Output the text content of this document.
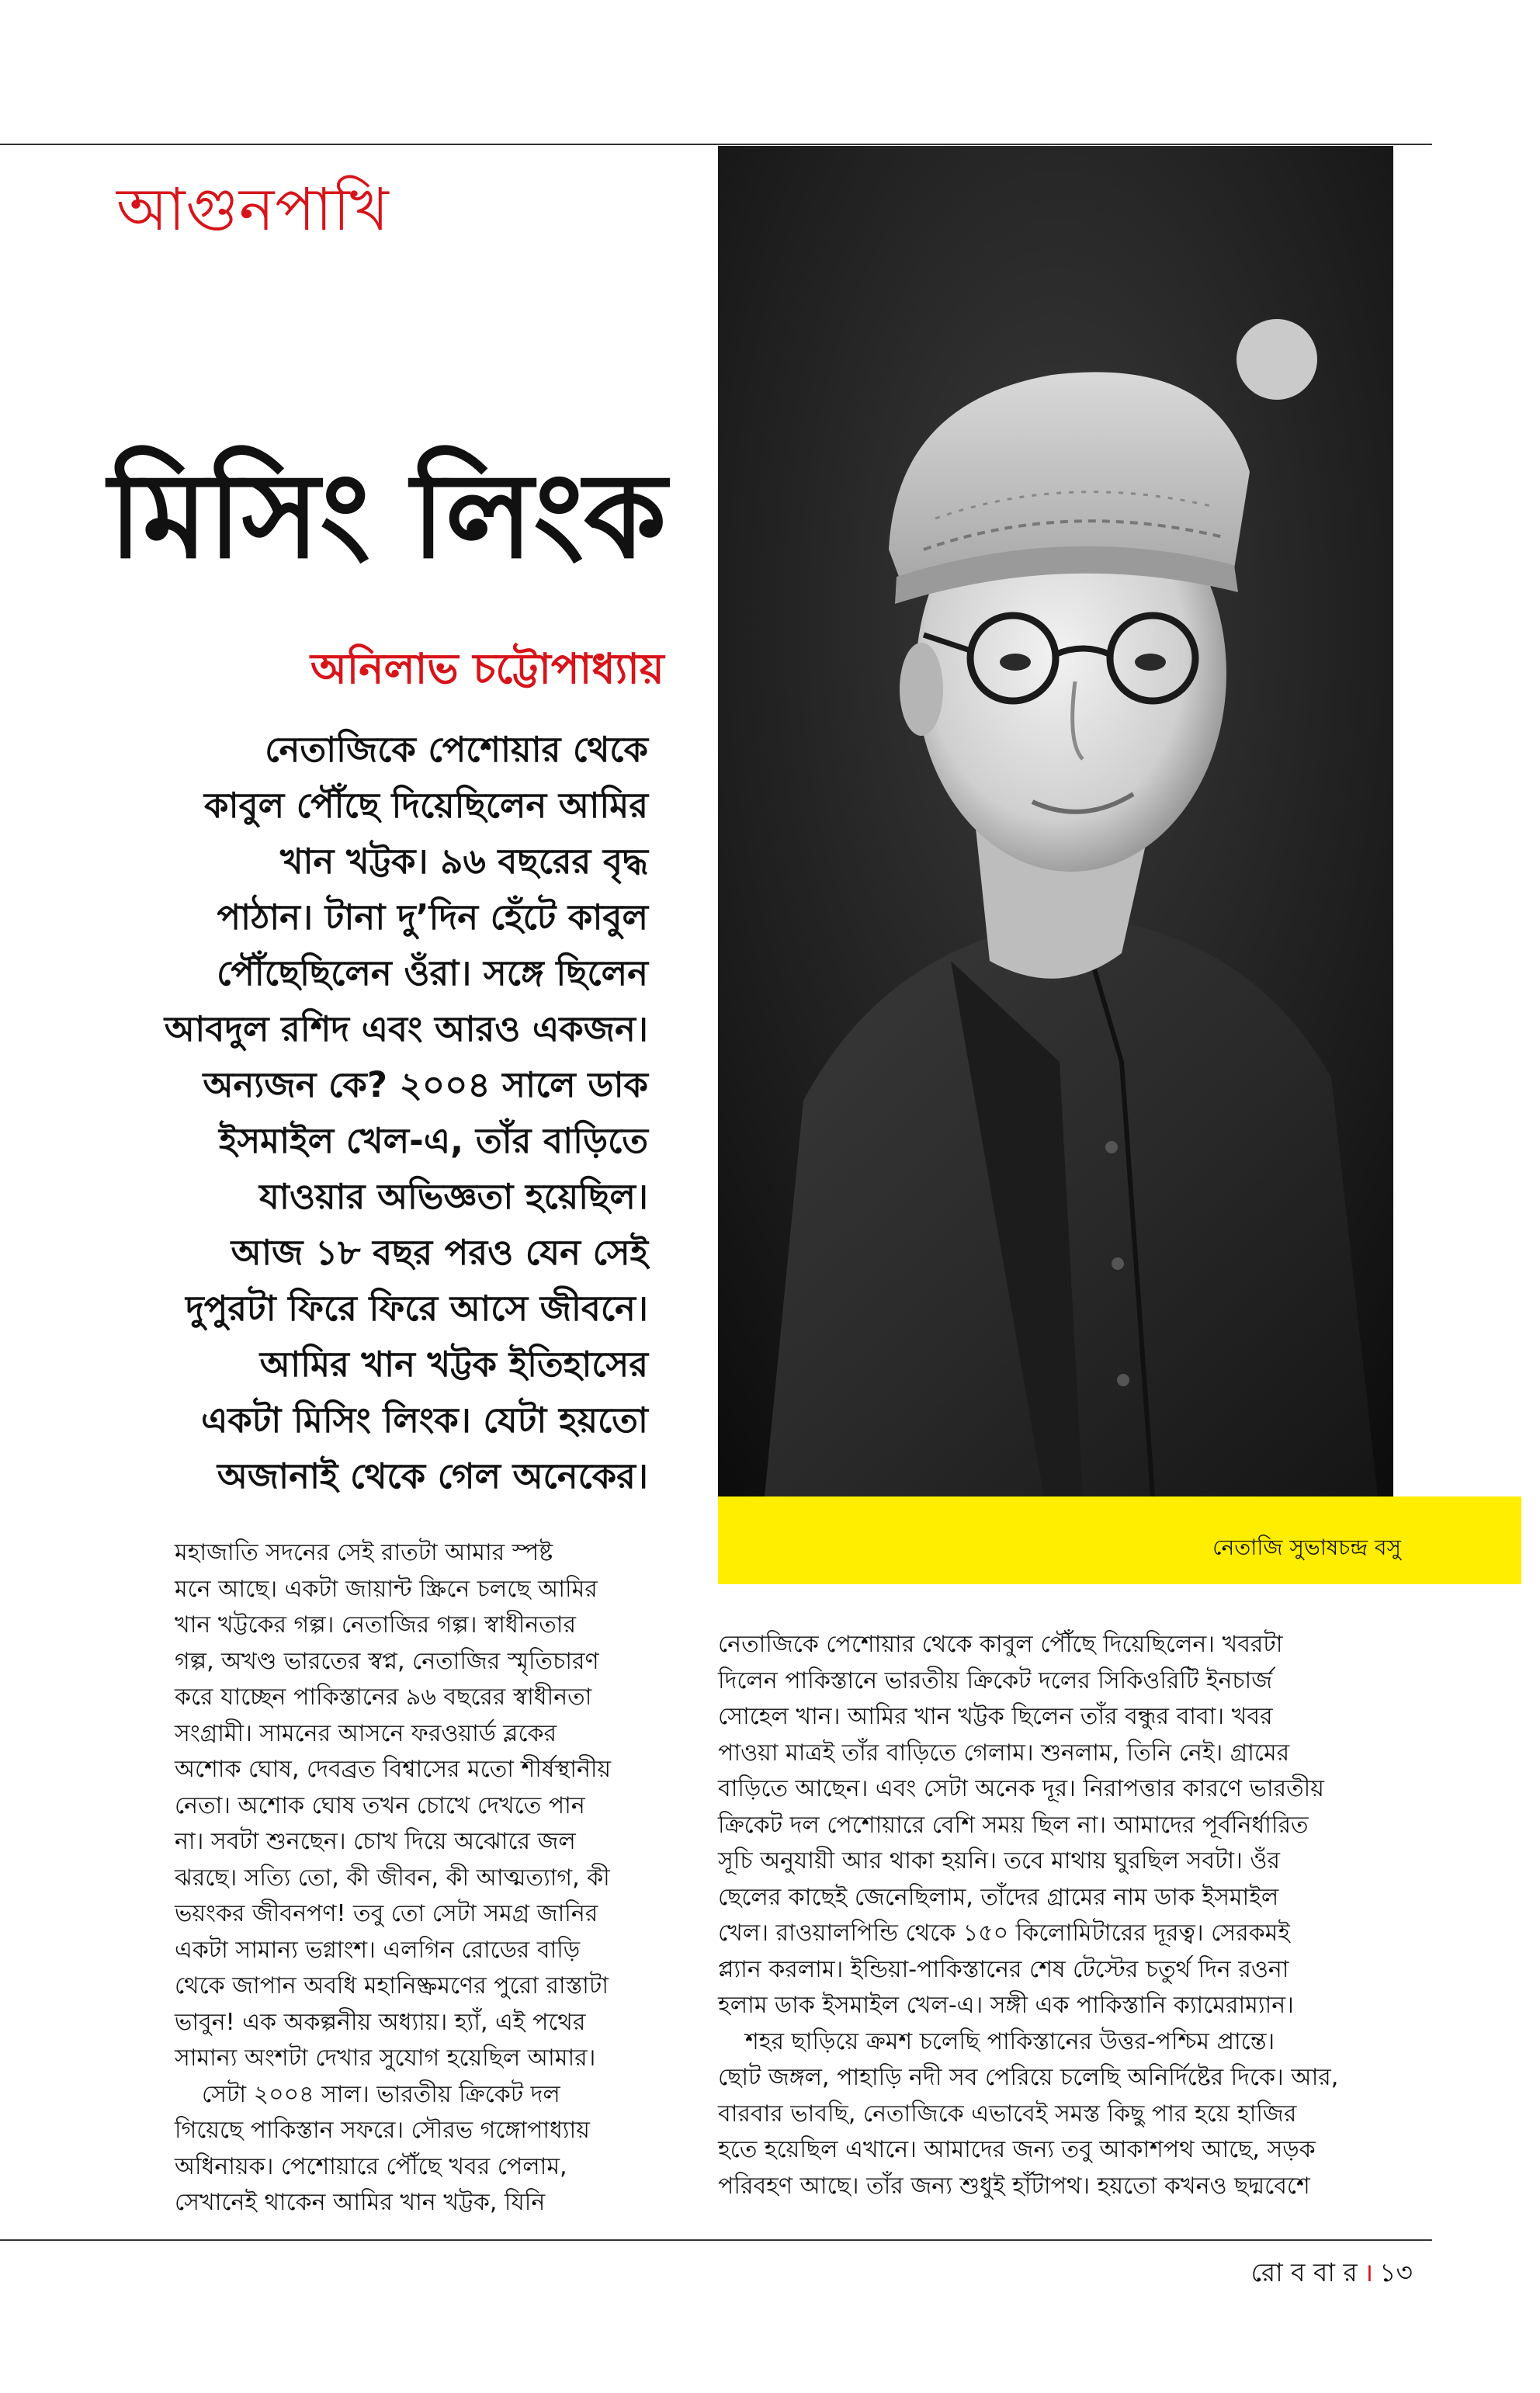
আগুনপাখি
মিসিং লিংক
অনিলাভ চট্টোপাধ্যায়
নেতাজিকে পেশোয়ার থেকে
কাবুল পৌঁছে দিয়েছিলেন আমির
খান খট্টক। ৯৬ বছরের বৃদ্ধ
পাঠান। টানা দু’দিন হেঁটে কাবুল
পৌঁছেছিলেন ওঁরা। সঙ্গে ছিলেন
আবদুল রশিদ এবং আরও একজন।
অন্যজন কে? ২০০৪ সালে ডাক
ইসমাইল খেল-এ, তাঁর বাড়িতে
যাওয়ার অভিজ্ঞতা হয়েছিল।
আজ ১৮ বছর পরও যেন সেই
দুপুরটা ফিরে ফিরে আসে জীবনে।
আমির খান খট্টক ইতিহাসের
একটা মিসিং লিংক। যেটা হয়তো
অজানাই থেকে গেল অনেকের।
নেতাজি সুভাষচন্দ্র বসু
মহাজাতি সদনের সেই রাতটা আমার স্পষ্ট
মনে আছে। একটা জায়ান্ট স্ক্রিনে চলছে আমির
খান খট্টকের গল্প। নেতাজির গল্প। স্বাধীনতার
গল্প, অখণ্ড ভারতের স্বপ্ন, নেতাজির স্মৃতিচারণ
করে যাচ্ছেন পাকিস্তানের ৯৬ বছরের স্বাধীনতা
সংগ্রামী। সামনের আসনে ফরওয়ার্ড ব্লকের
অশোক ঘোষ, দেবব্রত বিশ্বাসের মতো শীর্ষস্থানীয়
নেতা। অশোক ঘোষ তখন চোখে দেখতে পান
না। সবটা শুনছেন। চোখ দিয়ে অঝোরে জল
ঝরছে। সত্যি তো, কী জীবন, কী আত্মত্যাগ, কী
ভয়ংকর জীবনপণ! তবু তো সেটা সমগ্র জানির
একটা সামান্য ভগ্নাংশ। এলগিন রোডের বাড়ি
থেকে জাপান অবধি মহানিষ্ক্রমণের পুরো রাস্তাটা
ভাবুন! এক অকল্পনীয় অধ্যায়। হ্যাঁ, এই পথের
সামান্য অংশটা দেখার সুযোগ হয়েছিল আমার।
সেটা ২০০৪ সাল। ভারতীয় ক্রিকেট দল
গিয়েছে পাকিস্তান সফরে। সৌরভ গঙ্গোপাধ্যায়
অধিনায়ক। পেশোয়ারে পৌঁছে খবর পেলাম,
সেখানেই থাকেন আমির খান খট্টক, যিনি
নেতাজিকে পেশোয়ার থেকে কাবুল পৌঁছে দিয়েছিলেন। খবরটা
দিলেন পাকিস্তানে ভারতীয় ক্রিকেট দলের সিকিওরিটি ইনচার্জ
সোহেল খান। আমির খান খট্টক ছিলেন তাঁর বন্ধুর বাবা। খবর
পাওয়া মাত্রই তাঁর বাড়িতে গেলাম। শুনলাম, তিনি নেই। গ্রামের
বাড়িতে আছেন। এবং সেটা অনেক দূর। নিরাপত্তার কারণে ভারতীয়
ক্রিকেট দল পেশোয়ারে বেশি সময় ছিল না। আমাদের পূর্বনির্ধারিত
সূচি অনুযায়ী আর থাকা হয়নি। তবে মাথায় ঘুরছিল সবটা। ওঁর
ছেলের কাছেই জেনেছিলাম, তাঁদের গ্রামের নাম ডাক ইসমাইল
খেল। রাওয়ালপিন্ডি থেকে ১৫০ কিলোমিটারের দূরত্ব। সেরকমই
প্ল্যান করলাম। ইন্ডিয়া-পাকিস্তানের শেষ টেস্টের চতুর্থ দিন রওনা
হলাম ডাক ইসমাইল খেল-এ। সঙ্গী এক পাকিস্তানি ক্যামেরাম্যান।
শহর ছাড়িয়ে ক্রমশ চলেছি পাকিস্তানের উত্তর-পশ্চিম প্রান্তে।
ছোট জঙ্গল, পাহাড়ি নদী সব পেরিয়ে চলেছি অনির্দিষ্টের দিকে। আর,
বারবার ভাবছি, নেতাজিকে এভাবেই সমস্ত কিছু পার হয়ে হাজির
হতে হয়েছিল এখানে। আমাদের জন্য তবু আকাশপথ আছে, সড়ক
পরিবহণ আছে। তাঁর জন্য শুধুই হাঁটাপথ। হয়তো কখনও ছদ্মবেশে
রো ব বা র । ১৩
